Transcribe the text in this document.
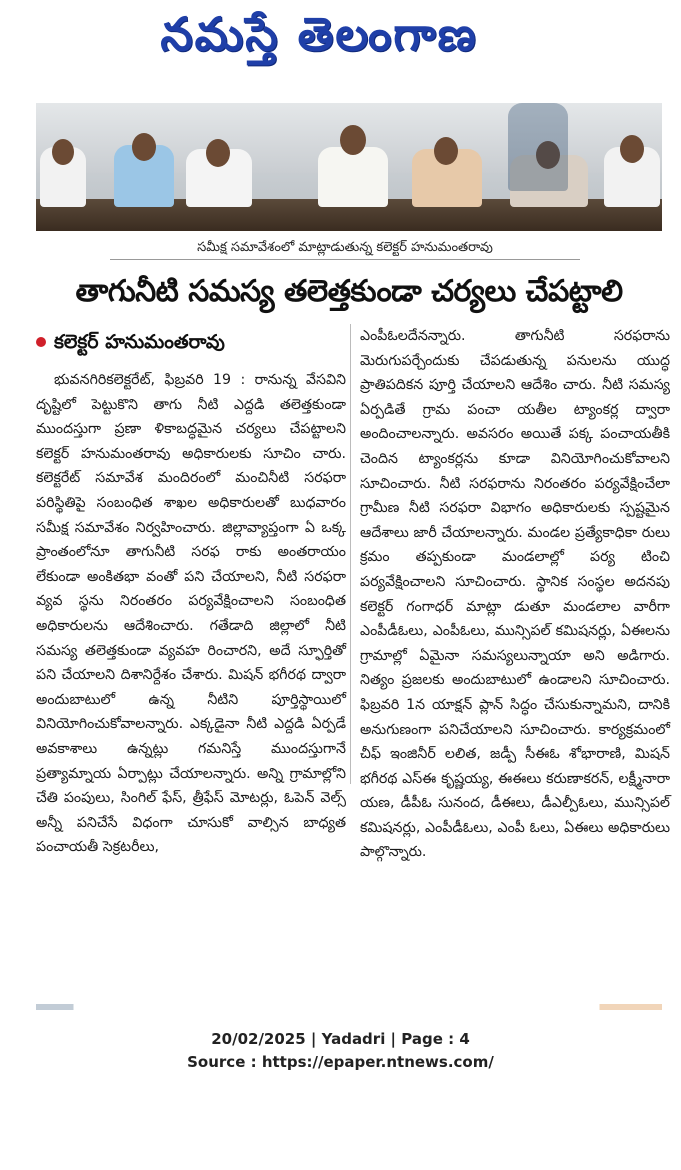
నమస్తే తెలంగాణ
సమీక్ష సమావేశంలో మాట్లాడుతున్న కలెక్టర్ హనుమంతరావు
తాగునీటి సమస్య తలెత్తకుండా చర్యలు చేపట్టాలి
కలెక్టర్ హనుమంతరావు

భువనగిరికలెక్టరేట్, ఫిబ్రవరి 19 : రానున్న వేసవిని దృష్టిలో పెట్టుకొని తాగు నీటి ఎద్దడి తలెత్తకుండా ముందస్తుగా ప్రణా ళికాబద్ధమైన చర్యలు చేపట్టాలని కలెక్టర్ హనుమంతరావు అధికారులకు సూచిం చారు. కలెక్టరేట్ సమావేశ మందిరంలో మంచినీటి సరఫరా పరిస్థితిపై సంబంధిత శాఖల అధికారులతో బుధవారం సమీక్ష సమావేశం నిర్వహించారు. జిల్లావ్యాప్తంగా ఏ ఒక్క ప్రాంతంలోనూ తాగునీటి సరఫ రాకు అంతరాయం లేకుండా అంకితభా వంతో పని చేయాలని, నీటి సరఫరా వ్యవ స్థను నిరంతరం పర్యవేక్షించాలని సంబంధిత అధికారులను ఆదేశించారు. గతేడాది జిల్లాలో నీటి సమస్య తలెత్తకుండా వ్యవహ రించారని, అదే స్ఫూర్తితో పని చేయాలని దిశానిర్దేశం చేశారు. మిషన్ భగీరథ ద్వారా అందుబాటులో ఉన్న నీటిని పూర్తిస్థాయిలో వినియోగించుకోవాలన్నారు. ఎక్కడైనా నీటి ఎద్దడి ఏర్పడే అవకాశాలు ఉన్నట్లు గమనిస్తే ముందస్తుగానే ప్రత్యామ్నాయ ఏర్పాట్లు చేయాలన్నారు. అన్ని గ్రామాల్లోని చేతి పంపులు, సింగిల్ ఫేస్, త్రీఫేస్ మోటర్లు, ఓపెన్ వెల్స్ అన్నీ పనిచేసే విధంగా చూసుకో వాల్సిన బాధ్యత పంచాయతీ సెక్రటరీలు,

ఎంపీఓలదేనన్నారు. తాగునీటి సరఫరాను మెరుగుపర్చేందుకు చేపడుతున్న పనులను యుద్ధ ప్రాతిపదికన పూర్తి చేయాలని ఆదేశిం చారు. నీటి సమస్య ఏర్పడితే గ్రామ పంచా యతీల ట్యాంకర్ల ద్వారా అందించాలన్నారు. అవసరం అయితే పక్క పంచాయతీకి చెందిన ట్యాంకర్లను కూడా వినియోగించుకోవాలని సూచించారు. నీటి సరఫరాను నిరంతరం పర్యవేక్షించేలా గ్రామీణ నీటి సరఫరా విభాగం అధికారులకు స్పష్టమైన ఆదేశాలు జారీ చేయాలన్నారు. మండల ప్రత్యేకాధికా రులు క్రమం తప్పకుండా మండలాల్లో పర్య టించి పర్యవేక్షించాలని సూచించారు. స్థానిక సంస్థల అదనపు కలెక్టర్ గంగాధర్ మాట్లా డుతూ మండలాల వారీగా ఎంపీడీఓలు, ఎంపీఓలు, మున్సిపల్ కమిషనర్లు, ఏఈలను గ్రామాల్లో ఏమైనా సమస్యలున్నాయా అని అడిగారు. నిత్యం ప్రజలకు అందుబాటులో ఉండాలని సూచించారు. ఫిబ్రవరి 1న యాక్షన్ ప్లాన్ సిద్ధం చేసుకున్నామని, దానికి అనుగుణంగా పనిచేయాలని సూచించారు. కార్యక్రమంలో చీఫ్ ఇంజినీర్ లలిత, జడ్పీ సీఈఓ శోభారాణి, మిషన్ భగీరథ ఎస్ఈ కృష్ణయ్య, ఈఈలు కరుణాకరన్, లక్ష్మీనారా యణ, డీపీఓ సునంద, డీఈలు, డీఎల్పీఓలు, మున్సిపల్ కమిషనర్లు, ఎంపీడీఓలు, ఎంపీ ఓలు, ఏఈలు అధికారులు పాల్గొన్నారు.

20/02/2025 | Yadadri | Page : 4
Source : https://epaper.ntnews.com/
